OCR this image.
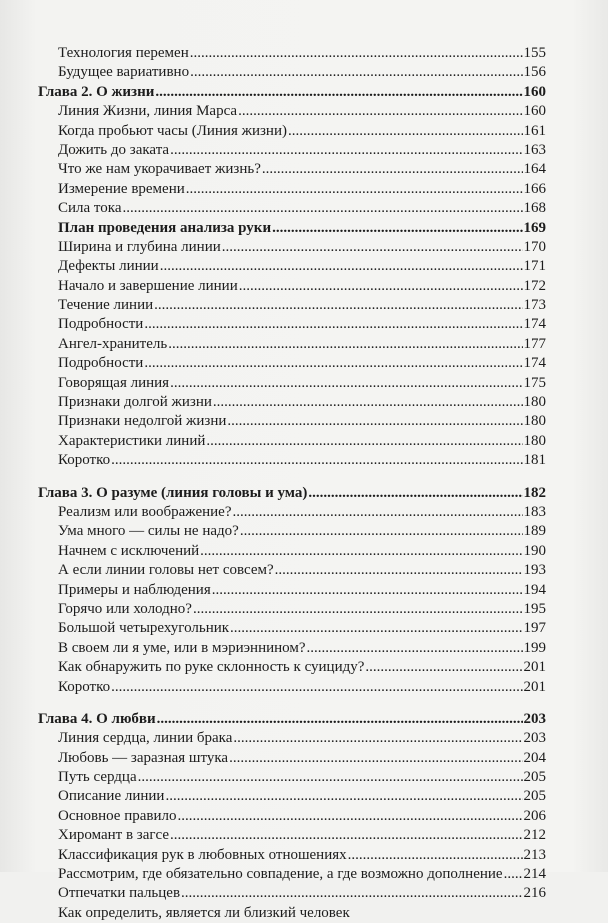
Технология перемен .....	155
Будущее вариативно .....	156
Глава 2. О жизни .....	160
Линия Жизни, линия Марса .....	160
Когда пробьют часы (Линия жизни) .....	161
Дожить до заката .....	163
Что же нам укорачивает жизнь? .....	164
Измерение времени .....	166
Сила тока .....	168
План проведения анализа руки .....	169
Ширина и глубина линии .....	170
Дефекты линии .....	171
Начало и завершение линии .....	172
Течение линии .....	173
Подробности .....	174
Ангел-хранитель .....	177
Подробности .....	174
Говорящая линия .....	175
Признаки долгой жизни .....	180
Признаки недолгой жизни .....	180
Характеристики линий .....	180
Коротко .....	181
Глава 3. О разуме (линия головы и ума) .....	182
Реализм или воображение? .....	183
Ума много — силы не надо? .....	189
Начнем с исключений .....	190
А если линии головы нет совсем? .....	193
Примеры и наблюдения .....	194
Горячо или холодно? .....	195
Большой четырехугольник .....	197
В своем ли я уме, или в мэриэннином? .....	199
Как обнаружить по руке склонность к суициду? .....	201
Коротко .....	201
Глава 4. О любви .....	203
Линия сердца, линии брака .....	203
Любовь — заразная штука .....	204
Путь сердца .....	205
Описание линии .....	205
Основное правило .....	206
Хиромант в загсе .....	212
Классификация рук в любовных отношениях .....	213
Рассмотрим, где обязательно совпадение, а где возможно дополнение ..... 214
Отпечатки пальцев .....	216
Как определить, является ли близкий человек
